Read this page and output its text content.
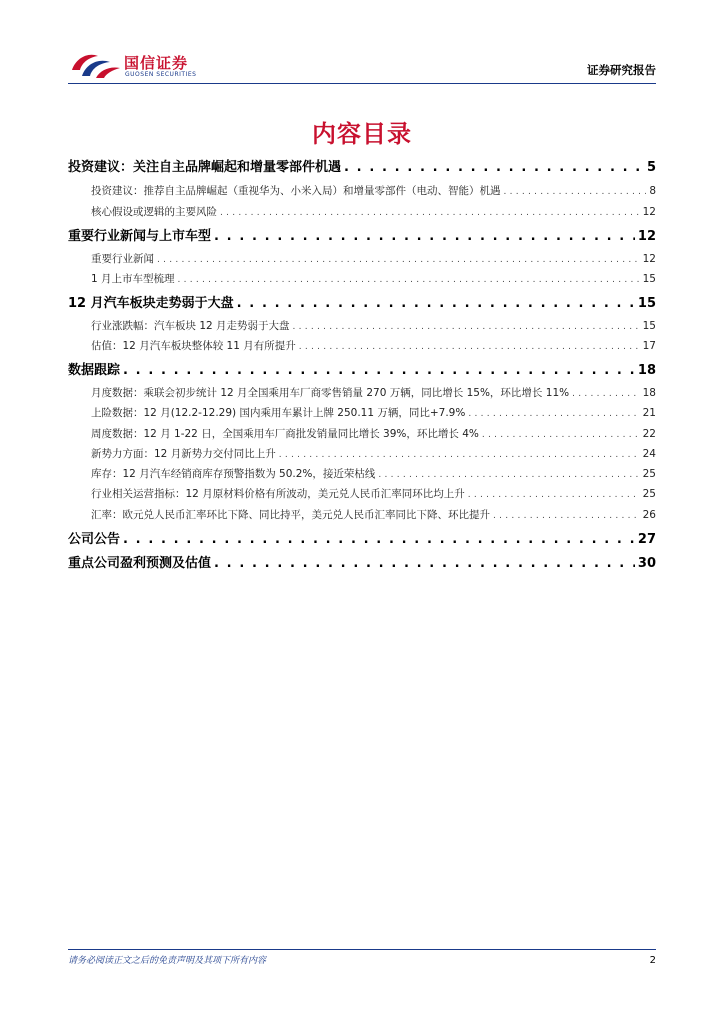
国信证券
GUOSEN SECURITIES	证券研究报告
内容目录
投资建议：关注自主品牌崛起和增量零部件机遇 . . .	5
投资建议：推荐自主品牌崛起（重视华为、小米入局）和增量零部件（电动、智能）机遇 . . .	8
核心假设或逻辑的主要风险 . . .	12
重要行业新闻与上市车型 . . .	12
重要行业新闻 . . .	12
1 月上市车型梳理 . . .	15
12 月汽车板块走势弱于大盘 . . .	15
行业涨跌幅：汽车板块 12 月走势弱于大盘 . . .	15
估值：12 月汽车板块整体较 11 月有所提升 . . .	17
数据跟踪 . . .	18
月度数据：乘联会初步统计 12 月全国乘用车厂商零售销量 270 万辆，同比增长 15%，环比增长 11% . . .	18
上险数据：12 月(12.2-12.29) 国内乘用车累计上牌 250.11 万辆，同比+7.9% . . .	21
周度数据：12 月 1-22 日，全国乘用车厂商批发销量同比增长 39%，环比增长 4% . . .	22
新势力方面：12 月新势力交付同比上升 . . .	24
库存：12 月汽车经销商库存预警指数为 50.2%，接近荣枯线 . . .	25
行业相关运营指标：12 月原材料价格有所波动，美元兑人民币汇率同环比均上升 . . .	25
汇率：欧元兑人民币汇率环比下降、同比持平，美元兑人民币汇率同比下降、环比提升 . . .	26
公司公告 . . .	27
重点公司盈利预测及估值 . . .	30
请务必阅读正文之后的免责声明及其项下所有内容	2
